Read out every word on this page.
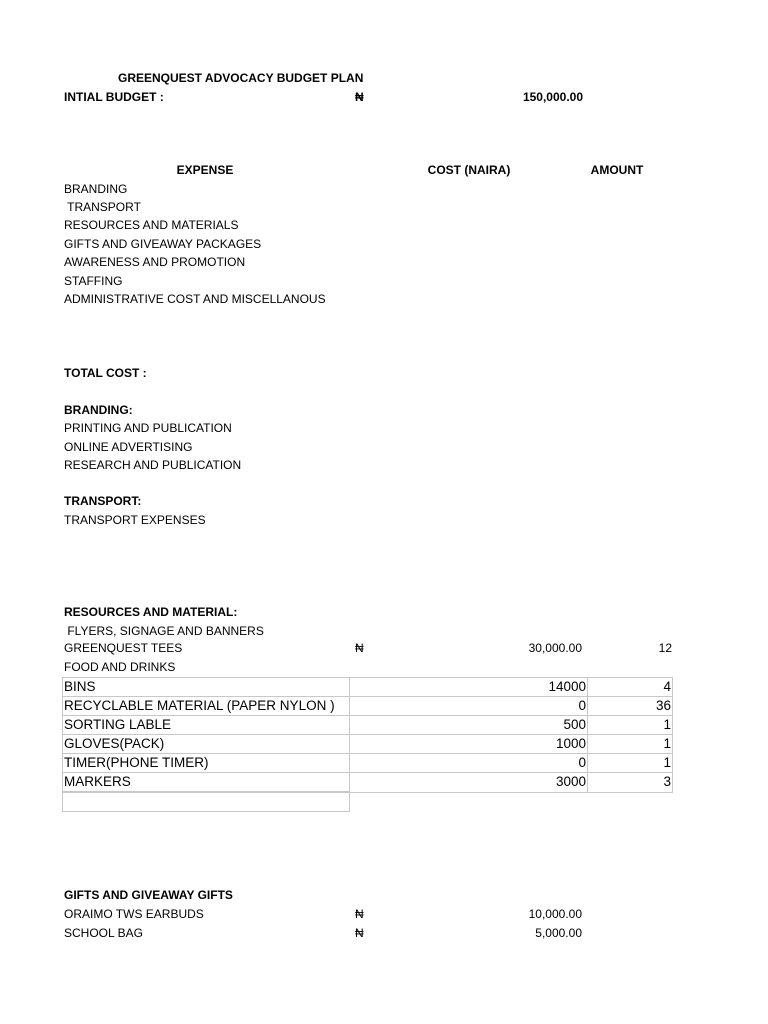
GREENQUEST ADVOCACY BUDGET PLAN
INTIAL BUDGET :	₦	150,000.00
EXPENSE	COST (NAIRA)	AMOUNT
BRANDING
TRANSPORT
RESOURCES AND MATERIALS
GIFTS AND GIVEAWAY PACKAGES
AWARENESS AND PROMOTION
STAFFING
ADMINISTRATIVE COST AND MISCELLANOUS
TOTAL COST :
BRANDING:
PRINTING AND PUBLICATION
ONLINE ADVERTISING
RESEARCH AND PUBLICATION
TRANSPORT:
TRANSPORT EXPENSES
RESOURCES AND MATERIAL:
FLYERS, SIGNAGE AND BANNERS
GREENQUEST TEES	₦	30,000.00	12
FOOD AND DRINKS
BINS	14000	4
RECYCLABLE MATERIAL (PAPER NYLON )	0	36
SORTING LABLE	500	1
GLOVES(PACK)	1000	1
TIMER(PHONE TIMER)	0	1
MARKERS	3000	3

GIFTS AND GIVEAWAY GIFTS
ORAIMO TWS EARBUDS	₦	10,000.00
SCHOOL BAG	₦	5,000.00
